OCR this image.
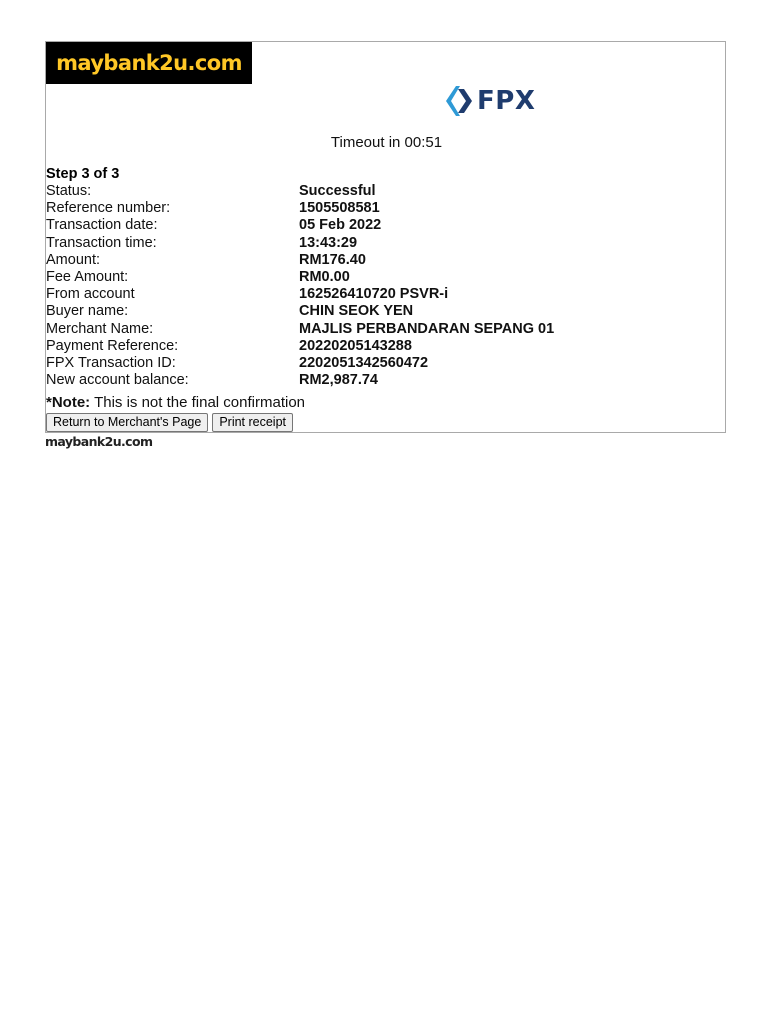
maybank2u.com
FPX
Timeout in 00:51
Step 3 of 3
Status:	Successful
Reference number:	1505508581
Transaction date:	05 Feb 2022
Transaction time:	13:43:29
Amount:	RM176.40
Fee Amount:	RM0.00
From account	162526410720 PSVR-i
Buyer name:	CHIN SEOK YEN
Merchant Name:	MAJLIS PERBANDARAN SEPANG 01
Payment Reference:	20220205143288
FPX Transaction ID:	2202051342560472
New account balance:	RM2,987.74
*Note: This is not the final confirmation
Return to Merchant's Page	Print receipt
maybank2u.com
